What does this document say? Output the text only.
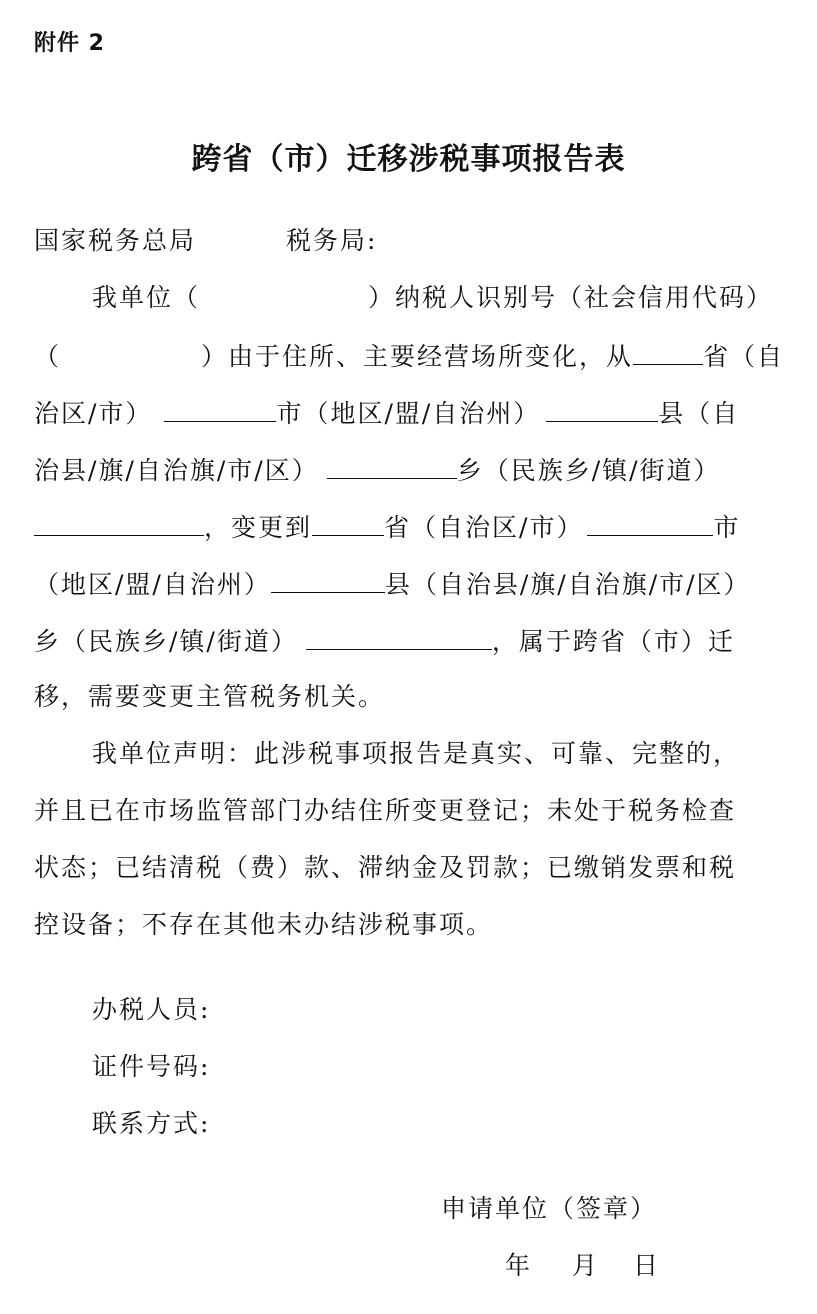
附件 2
跨省（市）迁移涉税事项报告表
国家税务总局	税务局:
我单位（	）纳税人识别号（社会信用代码）
（	）由于住所、主要经营场所变化，从	省（自
治区/市）	市（地区/盟/自治州）	县（自
治县/旗/自治旗/市/区）	乡（民族乡/镇/街道）
，变更到	省（自治区/市）	市
（地区/盟/自治州）	县（自治县/旗/自治旗/市/区）
乡（民族乡/镇/街道）	，属于跨省（市）迁
移，需要变更主管税务机关。
我单位声明：此涉税事项报告是真实、可靠、完整的，
并且已在市场监管部门办结住所变更登记；未处于税务检查
状态；已结清税（费）款、滞纳金及罚款；已缴销发票和税
控设备；不存在其他未办结涉税事项。
办税人员:
证件号码:
联系方式:
申请单位（签章）
年 月 日
